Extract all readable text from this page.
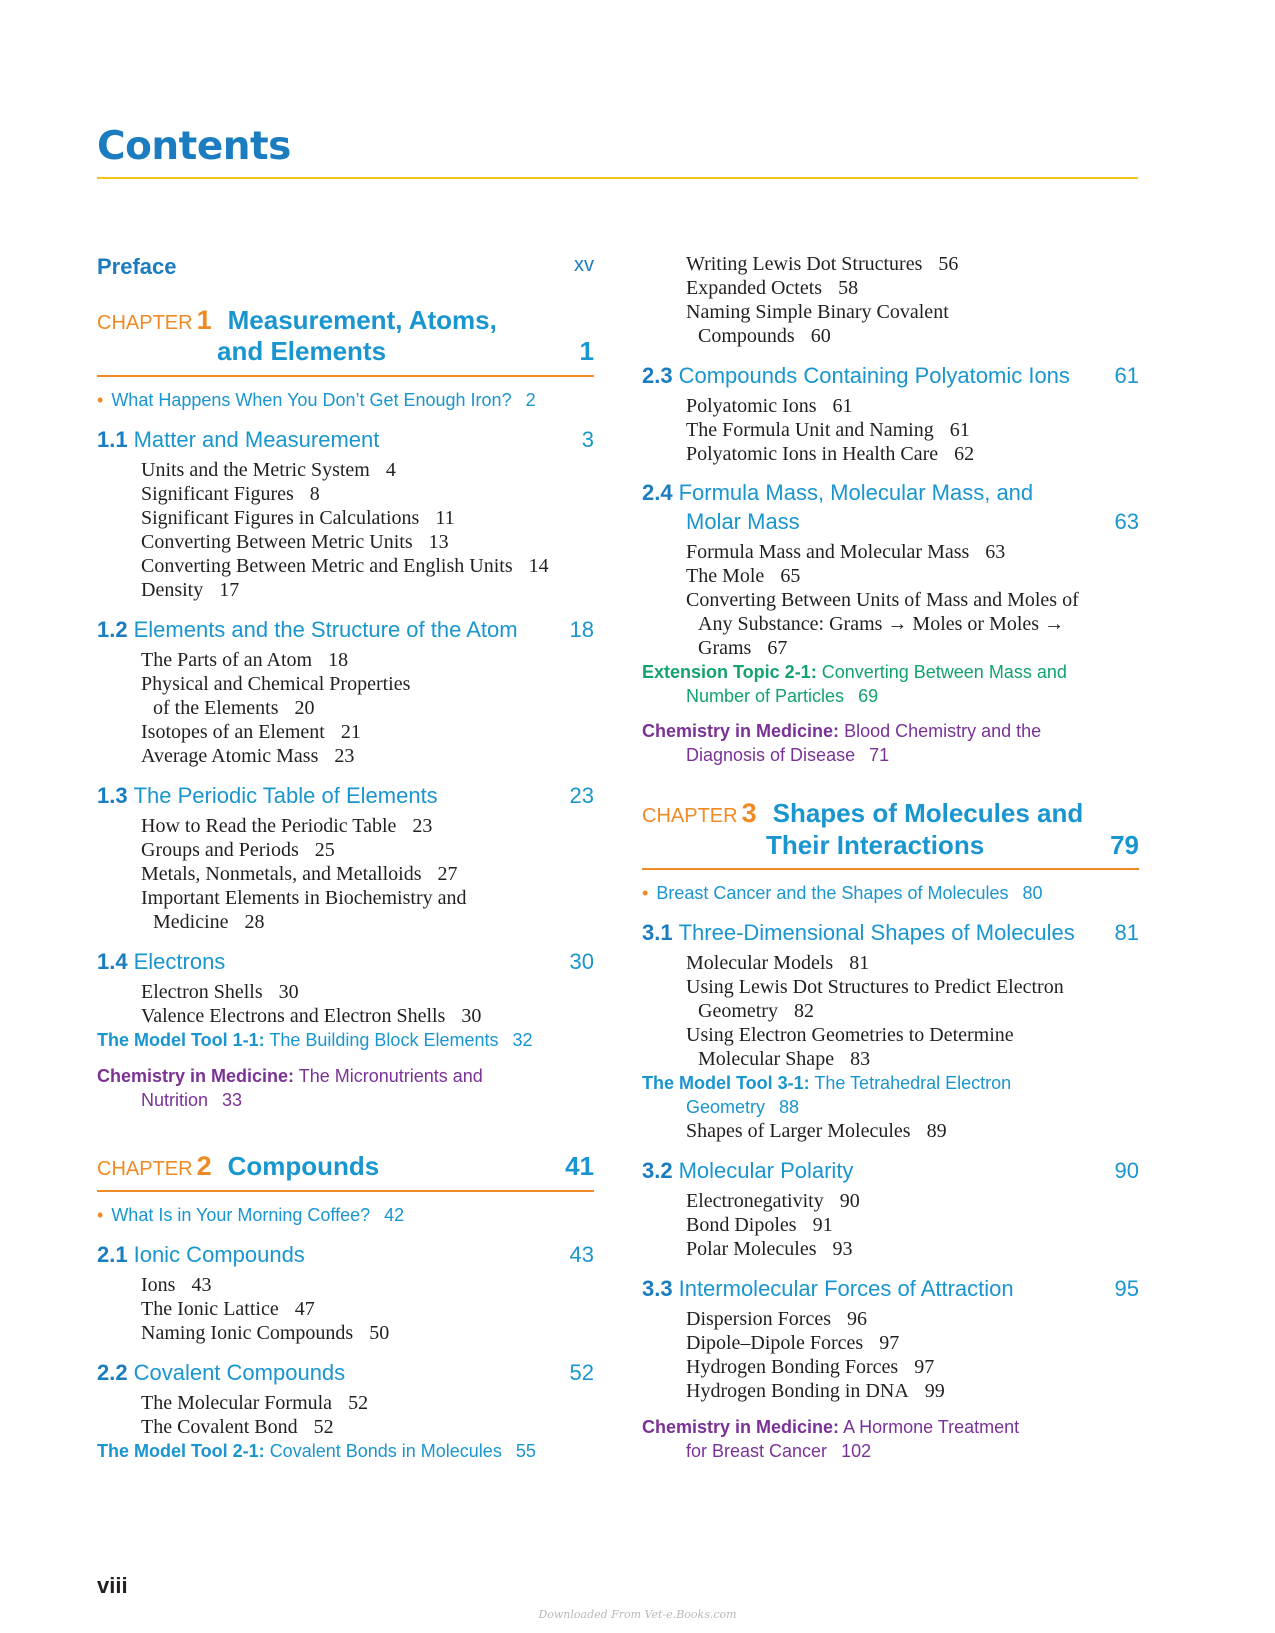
Contents
Preface	xv
CHAPTER 1 Measurement, Atoms,
and Elements	1
• What Happens When You Don’t Get Enough Iron? 2
1.1 Matter and Measurement	3
Units and the Metric System 4
Significant Figures 8
Significant Figures in Calculations 11
Converting Between Metric Units 13
Converting Between Metric and English Units 14
Density 17
1.2 Elements and the Structure of the Atom 18
The Parts of an Atom 18
Physical and Chemical Properties
of the Elements 20
Isotopes of an Element 21
Average Atomic Mass 23
1.3 The Periodic Table of Elements	23
How to Read the Periodic Table 23
Groups and Periods 25
Metals, Nonmetals, and Metalloids 27
Important Elements in Biochemistry and
Medicine 28
1.4 Electrons	30
Electron Shells 30
Valence Electrons and Electron Shells 30
The Model Tool 1-1: The Building Block Elements 32
Chemistry in Medicine: The Micronutrients and
Nutrition 33
CHAPTER 2 Compounds	41
• What Is in Your Morning Coffee? 42
2.1 Ionic Compounds	43
Ions 43
The Ionic Lattice 47
Naming Ionic Compounds 50
2.2 Covalent Compounds	52
The Molecular Formula 52
The Covalent Bond 52
The Model Tool 2-1: Covalent Bonds in Molecules 55
Writing Lewis Dot Structures 56
Expanded Octets 58
Naming Simple Binary Covalent
Compounds 60
2.3 Compounds Containing Polyatomic Ions 61
Polyatomic Ions 61
The Formula Unit and Naming 61
Polyatomic Ions in Health Care 62
2.4 Formula Mass, Molecular Mass, and
Molar Mass	63
Formula Mass and Molecular Mass 63
The Mole 65
Converting Between Units of Mass and Moles of
Any Substance: Grams → Moles or Moles →
Grams 67
Extension Topic 2-1: Converting Between Mass and
Number of Particles 69
Chemistry in Medicine: Blood Chemistry and the
Diagnosis of Disease 71
CHAPTER 3 Shapes of Molecules and
Their Interactions	79
• Breast Cancer and the Shapes of Molecules 80
3.1 Three-Dimensional Shapes of Molecules 81
Molecular Models 81
Using Lewis Dot Structures to Predict Electron
Geometry 82
Using Electron Geometries to Determine
Molecular Shape 83
The Model Tool 3-1: The Tetrahedral Electron
Geometry 88
Shapes of Larger Molecules 89
3.2 Molecular Polarity	90
Electronegativity 90
Bond Dipoles 91
Polar Molecules 93
3.3 Intermolecular Forces of Attraction	95
Dispersion Forces 96
Dipole–Dipole Forces 97
Hydrogen Bonding Forces 97
Hydrogen Bonding in DNA 99
Chemistry in Medicine: A Hormone Treatment
for Breast Cancer 102
viii
Downloaded From Vet-e.Books.com
